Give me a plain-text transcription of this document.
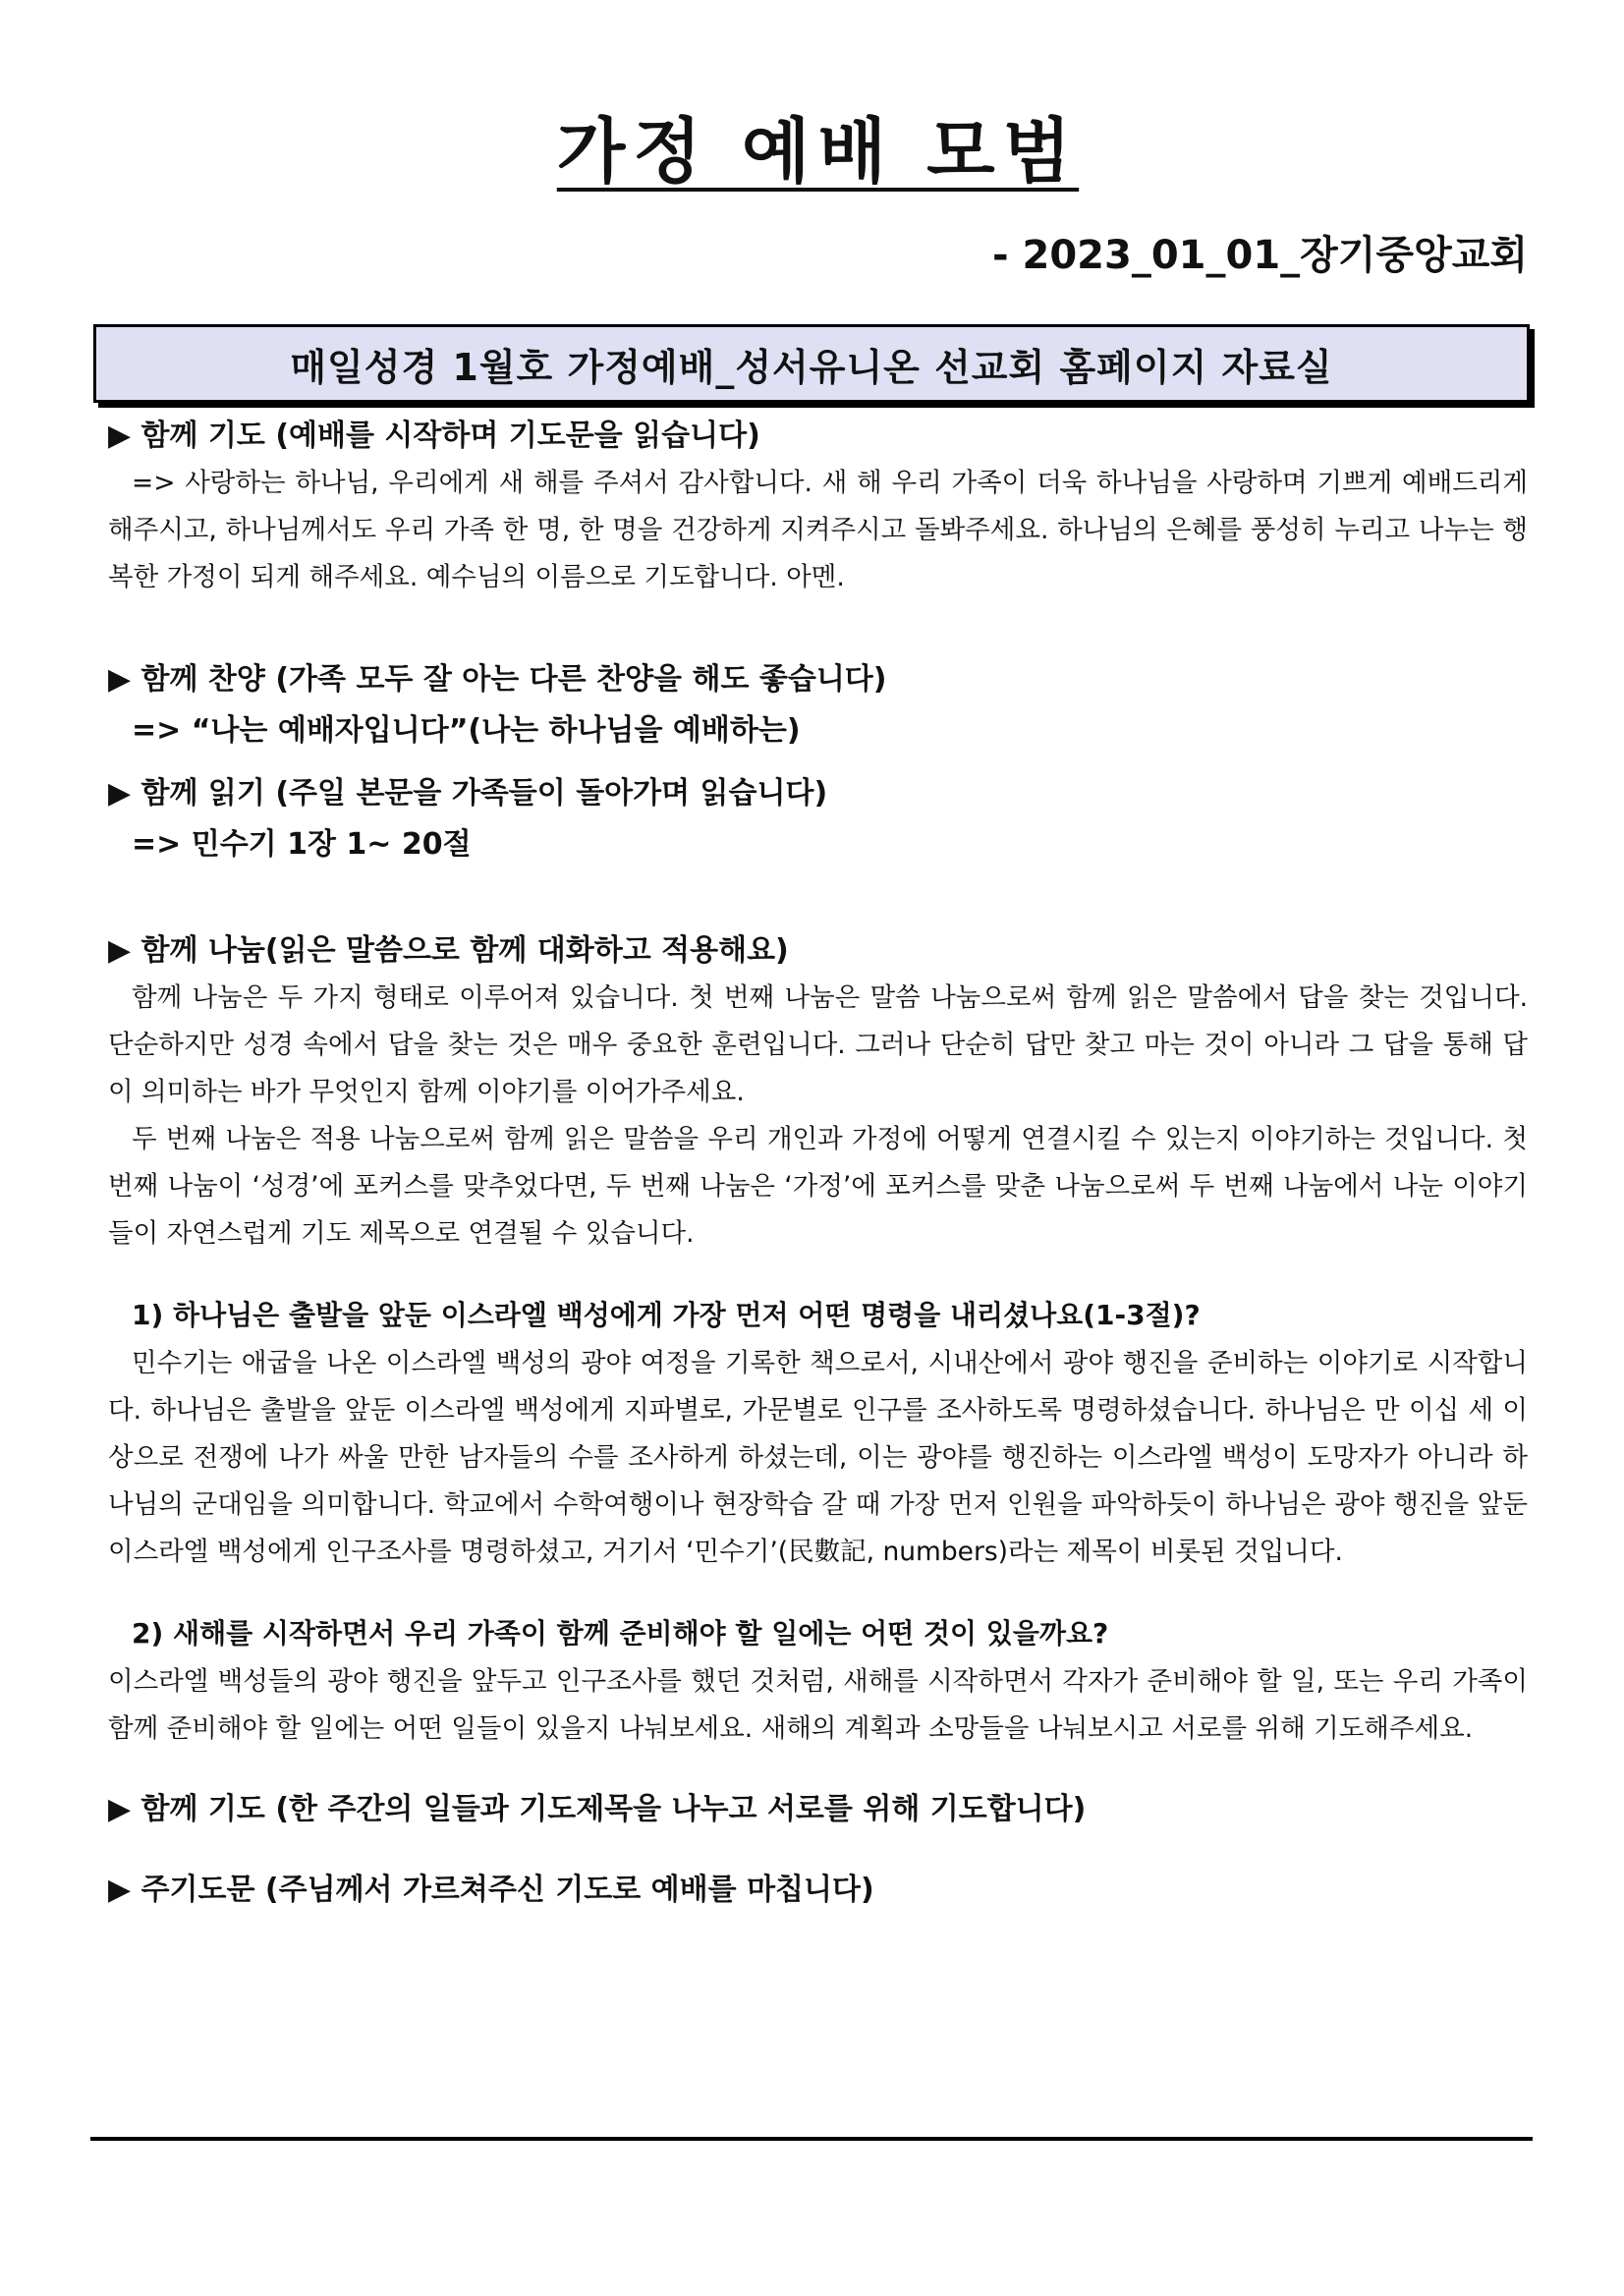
가정 예배 모범
- 2023_01_01_장기중앙교회
매일성경 1월호 가정예배_성서유니온 선교회 홈페이지 자료실

▶ 함께 기도 (예배를 시작하며 기도문을 읽습니다)

=> 사랑하는 하나님, 우리에게 새 해를 주셔서 감사합니다. 새 해 우리 가족이 더욱 하나님을 사랑하며 기쁘게 예배드리게 해주시고, 하나님께서도 우리 가족 한 명, 한 명을 건강하게 지켜주시고 돌봐주세요. 하나님의 은혜를 풍성히 누리고 나누는 행복한 가정이 되게 해주세요. 예수님의 이름으로 기도합니다. 아멘.

▶ 함께 찬양 (가족 모두 잘 아는 다른 찬양을 해도 좋습니다)

=> “나는 예배자입니다”(나는 하나님을 예배하는)

▶ 함께 읽기 (주일 본문을 가족들이 돌아가며 읽습니다)

=> 민수기 1장 1~ 20절

▶ 함께 나눔(읽은 말씀으로 함께 대화하고 적용해요)

함께 나눔은 두 가지 형태로 이루어져 있습니다. 첫 번째 나눔은 말씀 나눔으로써 함께 읽은 말씀에서 답을 찾는 것입니다. 단순하지만 성경 속에서 답을 찾는 것은 매우 중요한 훈련입니다. 그러나 단순히 답만 찾고 마는 것이 아니라 그 답을 통해 답이 의미하는 바가 무엇인지 함께 이야기를 이어가주세요.

두 번째 나눔은 적용 나눔으로써 함께 읽은 말씀을 우리 개인과 가정에 어떻게 연결시킬 수 있는지 이야기하는 것입니다. 첫 번째 나눔이 ‘성경’에 포커스를 맞추었다면, 두 번째 나눔은 ‘가정’에 포커스를 맞춘 나눔으로써 두 번째 나눔에서 나눈 이야기들이 자연스럽게 기도 제목으로 연결될 수 있습니다.

1) 하나님은 출발을 앞둔 이스라엘 백성에게 가장 먼저 어떤 명령을 내리셨나요(1-3절)?

민수기는 애굽을 나온 이스라엘 백성의 광야 여정을 기록한 책으로서, 시내산에서 광야 행진을 준비하는 이야기로 시작합니다. 하나님은 출발을 앞둔 이스라엘 백성에게 지파별로, 가문별로 인구를 조사하도록 명령하셨습니다. 하나님은 만 이십 세 이상으로 전쟁에 나가 싸울 만한 남자들의 수를 조사하게 하셨는데, 이는 광야를 행진하는 이스라엘 백성이 도망자가 아니라 하나님의 군대임을 의미합니다. 학교에서 수학여행이나 현장학습 갈 때 가장 먼저 인원을 파악하듯이 하나님은 광야 행진을 앞둔 이스라엘 백성에게 인구조사를 명령하셨고, 거기서 ‘민수기’(民數記, numbers)라는 제목이 비롯된 것입니다.

2) 새해를 시작하면서 우리 가족이 함께 준비해야 할 일에는 어떤 것이 있을까요?

이스라엘 백성들의 광야 행진을 앞두고 인구조사를 했던 것처럼, 새해를 시작하면서 각자가 준비해야 할 일, 또는 우리 가족이 함께 준비해야 할 일에는 어떤 일들이 있을지 나눠보세요. 새해의 계획과 소망들을 나눠보시고 서로를 위해 기도해주세요.

▶ 함께 기도 (한 주간의 일들과 기도제목을 나누고 서로를 위해 기도합니다)

▶ 주기도문 (주님께서 가르쳐주신 기도로 예배를 마칩니다)
